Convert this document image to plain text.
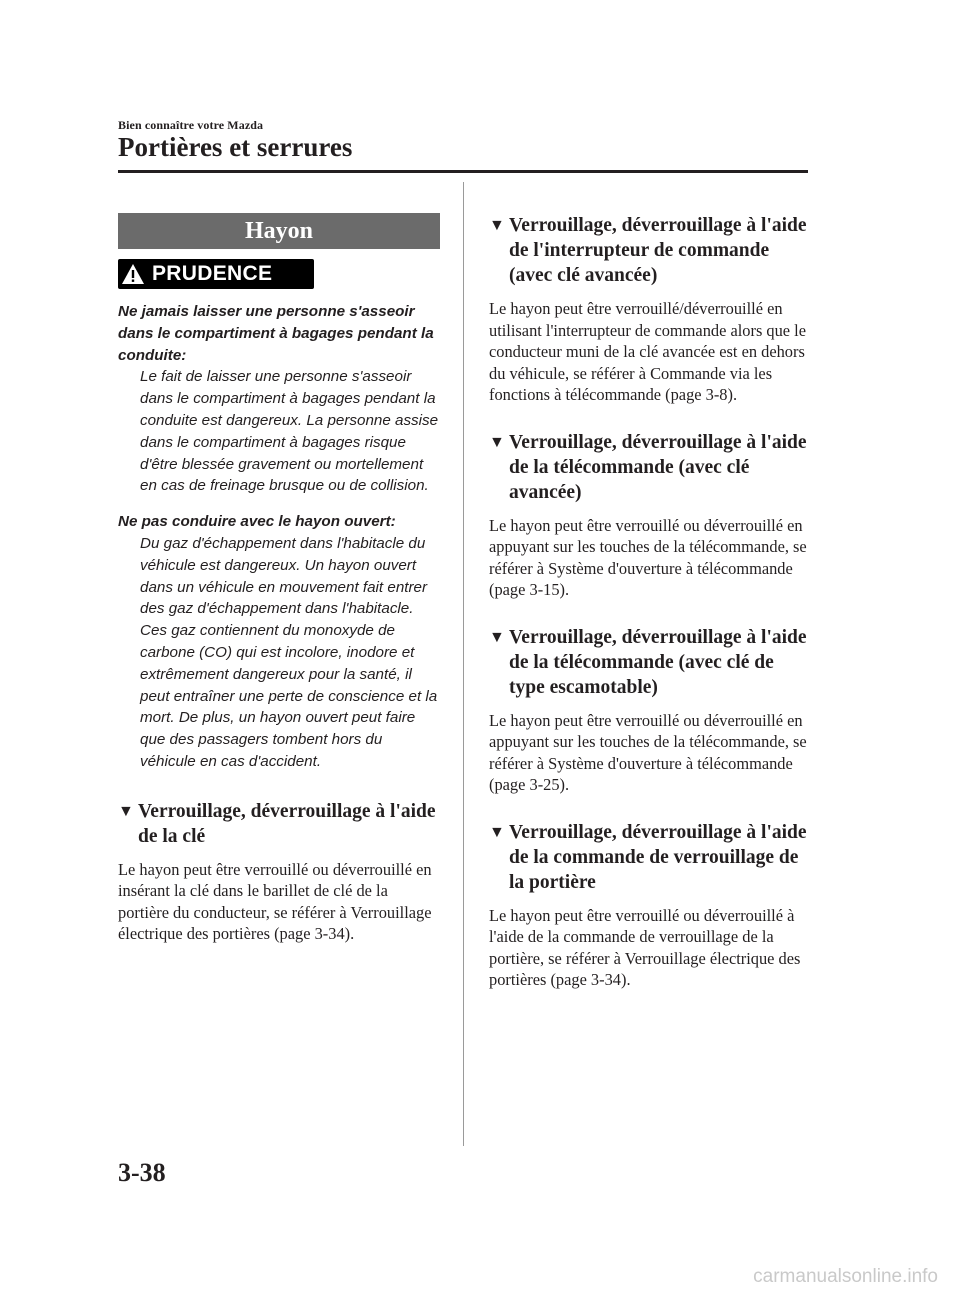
Bien connaître votre Mazda
Portières et serrures
Hayon
PRUDENCE
Ne jamais laisser une personne s'asseoir dans le compartiment à bagages pendant la conduite:
Le fait de laisser une personne s'asseoir dans le compartiment à bagages pendant la conduite est dangereux. La personne assise dans le compartiment à bagages risque d'être blessée gravement ou mortellement en cas de freinage brusque ou de collision.
Ne pas conduire avec le hayon ouvert:
Du gaz d'échappement dans l'habitacle du véhicule est dangereux. Un hayon ouvert dans un véhicule en mouvement fait entrer des gaz d'échappement dans l'habitacle. Ces gaz contiennent du monoxyde de carbone (CO) qui est incolore, inodore et extrêmement dangereux pour la santé, il peut entraîner une perte de conscience et la mort. De plus, un hayon ouvert peut faire que des passagers tombent hors du véhicule en cas d'accident.
▼ Verrouillage, déverrouillage à l'aide de la clé
Le hayon peut être verrouillé ou déverrouillé en insérant la clé dans le barillet de clé de la portière du conducteur, se référer à Verrouillage électrique des portières (page 3-34).
▼ Verrouillage, déverrouillage à l'aide de l'interrupteur de commande (avec clé avancée)
Le hayon peut être verrouillé/déverrouillé en utilisant l'interrupteur de commande alors que le conducteur muni de la clé avancée est en dehors du véhicule, se référer à Commande via les fonctions à télécommande (page 3-8).
▼ Verrouillage, déverrouillage à l'aide de la télécommande (avec clé avancée)
Le hayon peut être verrouillé ou déverrouillé en appuyant sur les touches de la télécommande, se référer à Système d'ouverture à télécommande (page 3-15).
▼ Verrouillage, déverrouillage à l'aide de la télécommande (avec clé de type escamotable)
Le hayon peut être verrouillé ou déverrouillé en appuyant sur les touches de la télécommande, se référer à Système d'ouverture à télécommande (page 3-25).
▼ Verrouillage, déverrouillage à l'aide de la commande de verrouillage de la portière
Le hayon peut être verrouillé ou déverrouillé à l'aide de la commande de verrouillage de la portière, se référer à Verrouillage électrique des portières (page 3-34).
3-38
carmanualsonline.info
